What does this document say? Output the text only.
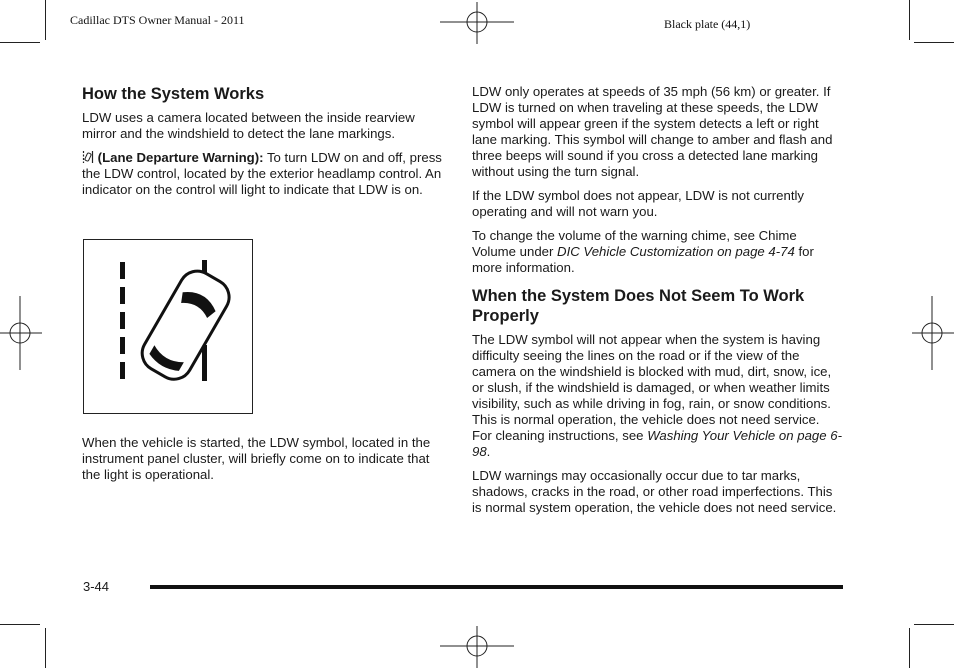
Cadillac DTS Owner Manual - 2011	Black plate (44,1)
How the System Works

LDW uses a camera located between the inside rearview mirror and the windshield to detect the lane markings.

(Lane Departure Warning): To turn LDW on and off, press the LDW control, located by the exterior headlamp control. An indicator on the control will light to indicate that LDW is on.

When the vehicle is started, the LDW symbol, located in the instrument panel cluster, will briefly come on to indicate that the light is operational.

LDW only operates at speeds of 35 mph (56 km) or greater. If LDW is turned on when traveling at these speeds, the LDW symbol will appear green if the system detects a left or right lane marking. This symbol will change to amber and flash and three beeps will sound if you cross a detected lane marking without using the turn signal.

If the LDW symbol does not appear, LDW is not currently operating and will not warn you.

To change the volume of the warning chime, see Chime Volume under DIC Vehicle Customization on page 4-74 for more information.

When the System Does Not Seem To Work Properly

The LDW symbol will not appear when the system is having difficulty seeing the lines on the road or if the view of the camera on the windshield is blocked with mud, dirt, snow, ice, or slush, if the windshield is damaged, or when weather limits visibility, such as while driving in fog, rain, or snow conditions. This is normal operation, the vehicle does not need service. For cleaning instructions, see Washing Your Vehicle on page 6-98.

LDW warnings may occasionally occur due to tar marks, shadows, cracks in the road, or other road imperfections. This is normal system operation, the vehicle does not need service.

3-44
